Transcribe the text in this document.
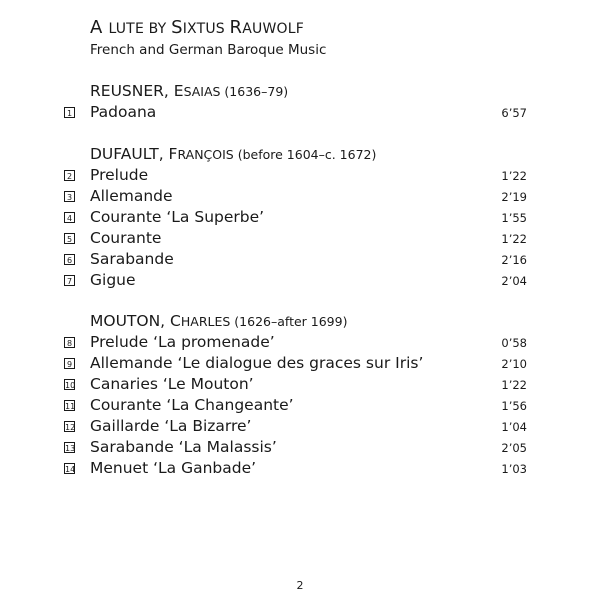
A LUTE BY SIXTUS RAUWOLF
French and German Baroque Music
REUSNER, ESAIAS (1636–79)
1 Padoana	6’57
DUFAULT, FRANÇOIS (before 1604–c. 1672)
2 Prelude	1’22
3 Allemande	2’19
4 Courante ‘La Superbe’	1’55
5 Courante	1’22
6 Sarabande	2’16
7 Gigue	2’04
MOUTON, CHARLES (1626–after 1699)
8 Prelude ‘La promenade’	0’58
9 Allemande ‘Le dialogue des graces sur Iris’	2’10
10 Canaries ‘Le Mouton’	1’22
11 Courante ‘La Changeante’	1’56
12 Gaillarde ‘La Bizarre’	1’04
13 Sarabande ‘La Malassis’	2’05
14 Menuet ‘La Ganbade’	1’03
2
